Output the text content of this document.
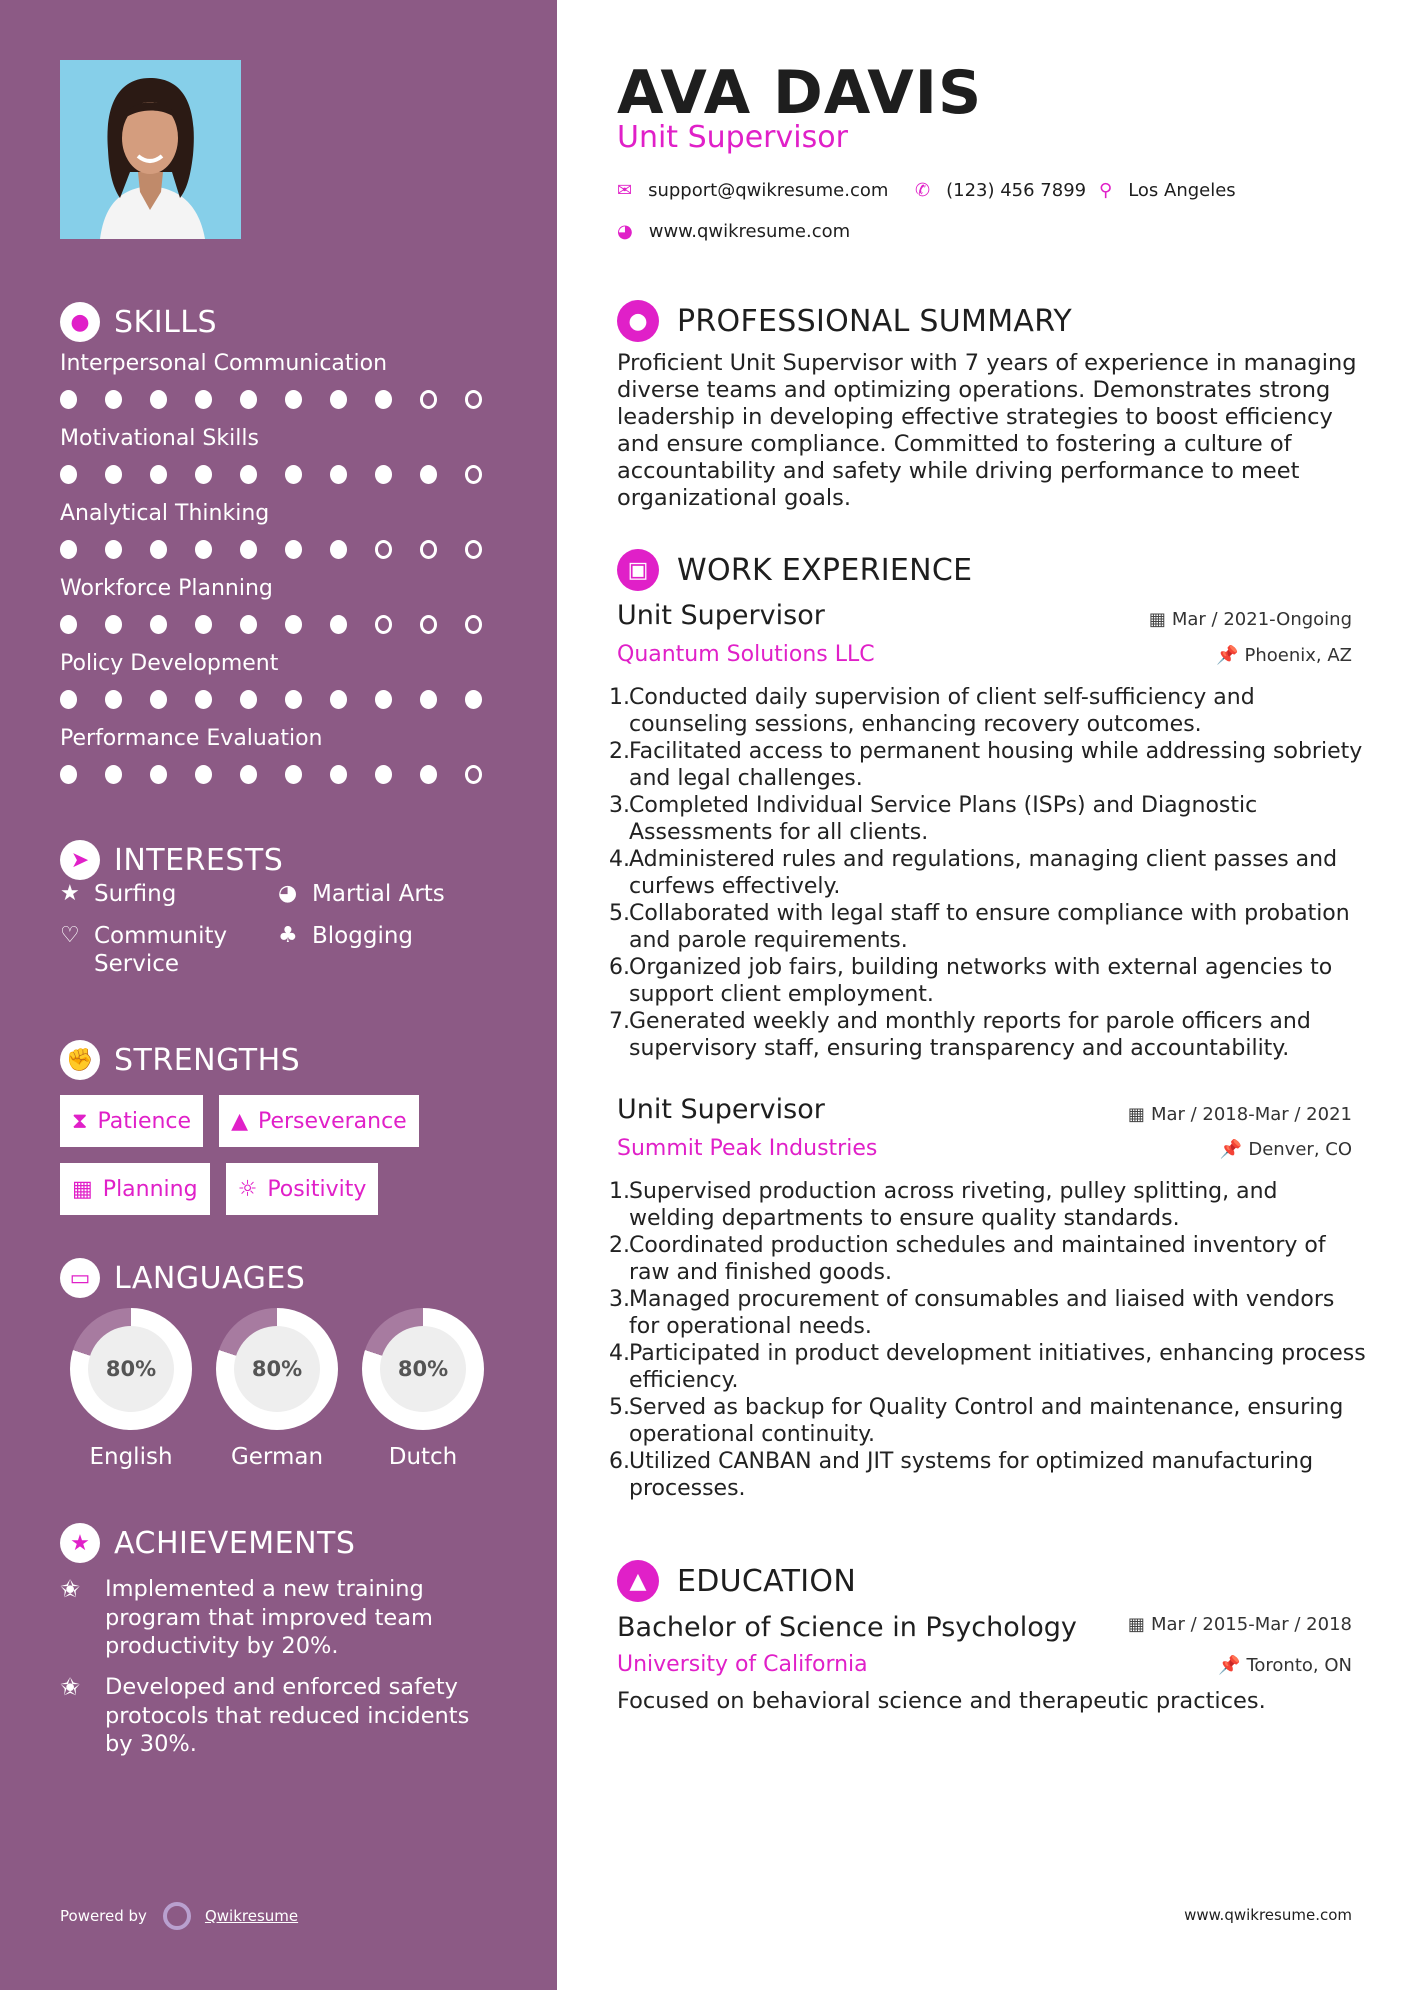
● SKILLS
Interpersonal Communication
Motivational Skills
Analytical Thinking
Workforce Planning
Policy Development
Performance Evaluation
➤ INTERESTS
★ Surfing	◕ Martial Arts
♡ Community Service
♣ Blogging
✊ STRENGTHS
⧗ Patience ▲ Perseverance
▦ Planning ☼ Positivity
▭ LANGUAGES
80%
English
80%
German
80%
Dutch
★ ACHIEVEMENTS
✬	Implemented a new training program that improved team productivity by 20%.
✬	Developed and enforced safety protocols that reduced incidents by 30%.
Powered by	Qwikresume
AVA DAVIS
Unit Supervisor
✉ support@qwikresume.com ✆ (123) 456 7899 ⚲ Los Angeles
◕ www.qwikresume.com
● PROFESSIONAL SUMMARY
Proficient Unit Supervisor with 7 years of experience in managing diverse teams and optimizing operations. Demonstrates strong leadership in developing effective strategies to boost efficiency and ensure compliance. Committed to fostering a culture of accountability and safety while driving performance to meet organizational goals.
▣ WORK EXPERIENCE
Unit Supervisor	▦ Mar / 2021-Ongoing
Quantum Solutions LLC	📌 Phoenix, AZ
1. Conducted daily supervision of client self-sufficiency and counseling sessions, enhancing recovery outcomes.
2. Facilitated access to permanent housing while addressing sobriety and legal challenges.
3. Completed Individual Service Plans (ISPs) and Diagnostic Assessments for all clients.
4. Administered rules and regulations, managing client passes and curfews effectively.
5. Collaborated with legal staff to ensure compliance with probation and parole requirements.
6. Organized job fairs, building networks with external agencies to support client employment.
7. Generated weekly and monthly reports for parole officers and supervisory staff, ensuring transparency and accountability.
Unit Supervisor	▦ Mar / 2018-Mar / 2021
Summit Peak Industries	📌 Denver, CO
1. Supervised production across riveting, pulley splitting, and welding departments to ensure quality standards.
2. Coordinated production schedules and maintained inventory of raw and finished goods.
3. Managed procurement of consumables and liaised with vendors for operational needs.
4. Participated in product development initiatives, enhancing process efficiency.
5. Served as backup for Quality Control and maintenance, ensuring operational continuity.
6. Utilized CANBAN and JIT systems for optimized manufacturing processes.
▲	EDUCATION
Bachelor of Science in Psychology	▦ Mar / 2015-Mar / 2018
University of California	📌 Toronto, ON
Focused on behavioral science and therapeutic practices.
www.qwikresume.com
